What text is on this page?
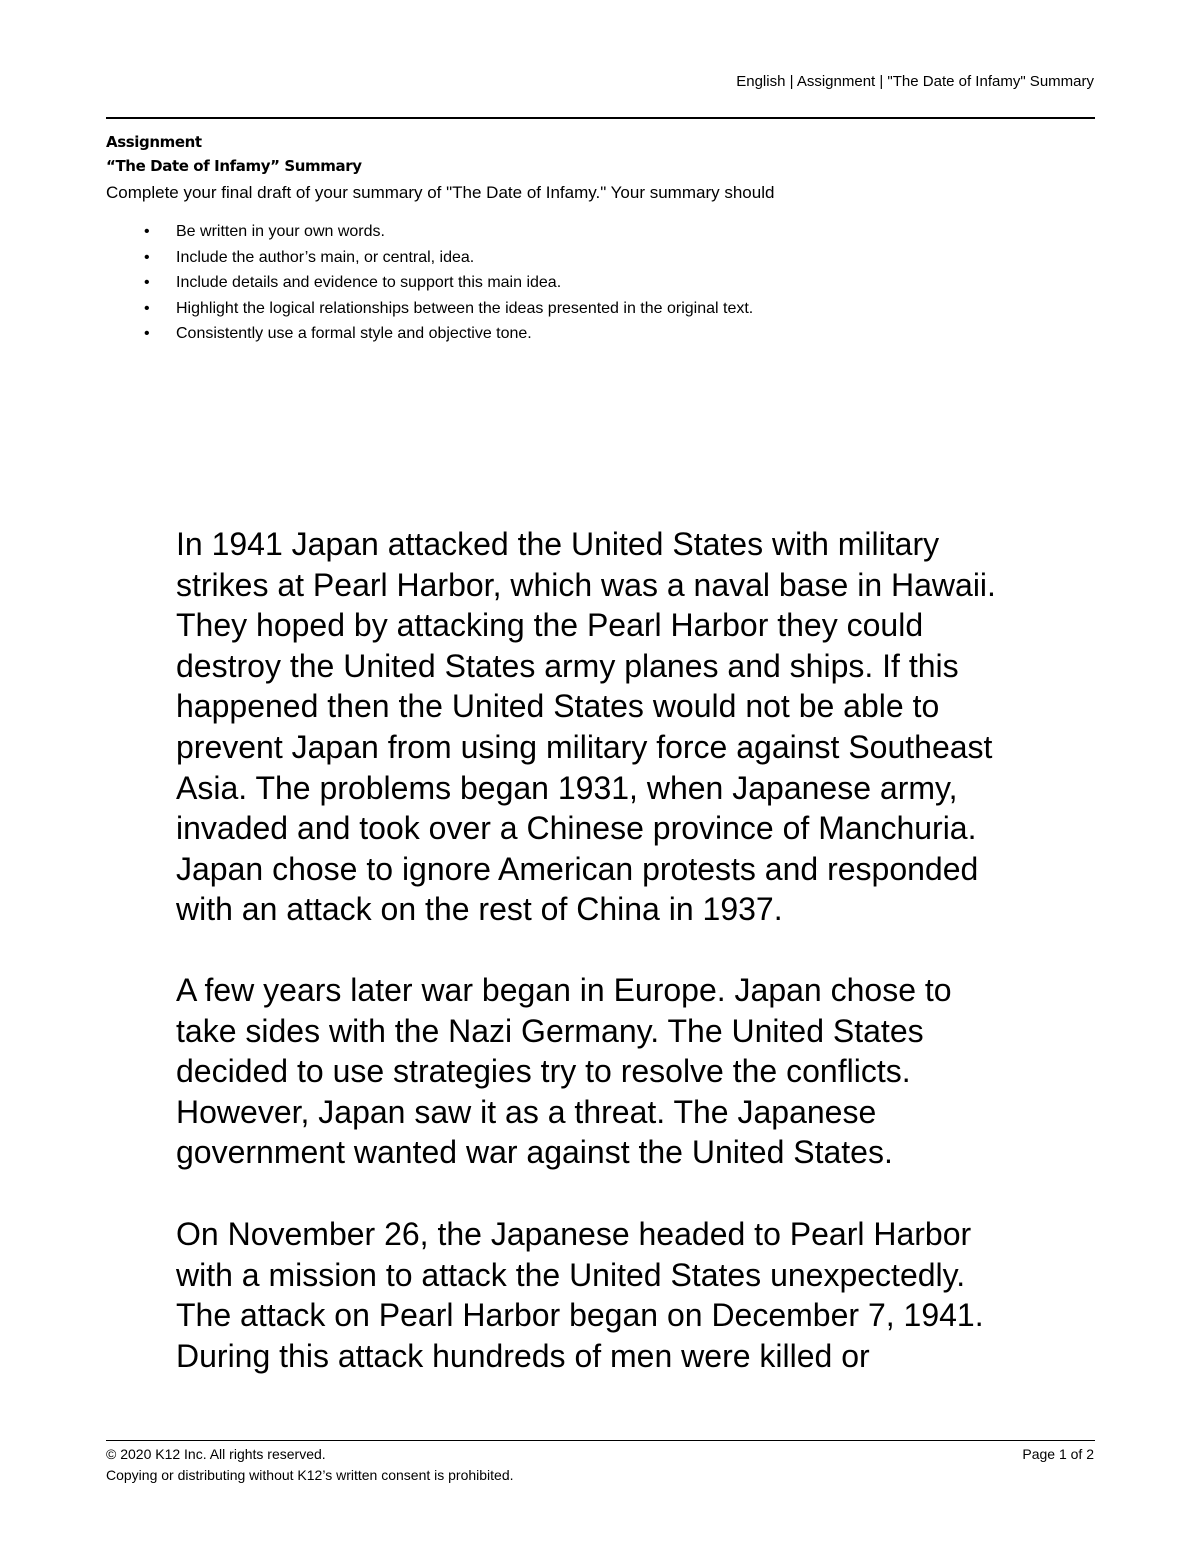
English | Assignment | "The Date of Infamy" Summary
Assignment
“The Date of Infamy” Summary
Complete your final draft of your summary of "The Date of Infamy." Your summary should
• Be written in your own words.
• Include the author’s main, or central, idea.
• Include details and evidence to support this main idea.
• Highlight the logical relationships between the ideas presented in the original text.
• Consistently use a formal style and objective tone.

In 1941 Japan attacked the United States with military
strikes at Pearl Harbor, which was a naval base in Hawaii.
They hoped by attacking the Pearl Harbor they could
destroy the United States army planes and ships. If this
happened then the United States would not be able to
prevent Japan from using military force against Southeast
Asia. The problems began 1931, when Japanese army,
invaded and took over a Chinese province of Manchuria.
Japan chose to ignore American protests and responded
with an attack on the rest of China in 1937.

A few years later war began in Europe. Japan chose to
take sides with the Nazi Germany. The United States
decided to use strategies try to resolve the conflicts.
However, Japan saw it as a threat. The Japanese
government wanted war against the United States.

On November 26, the Japanese headed to Pearl Harbor
with a mission to attack the United States unexpectedly.
The attack on Pearl Harbor began on December 7, 1941.
During this attack hundreds of men were killed or

© 2020 K12 Inc. All rights reserved.	Page 1 of 2
Copying or distributing without K12’s written consent is prohibited.
